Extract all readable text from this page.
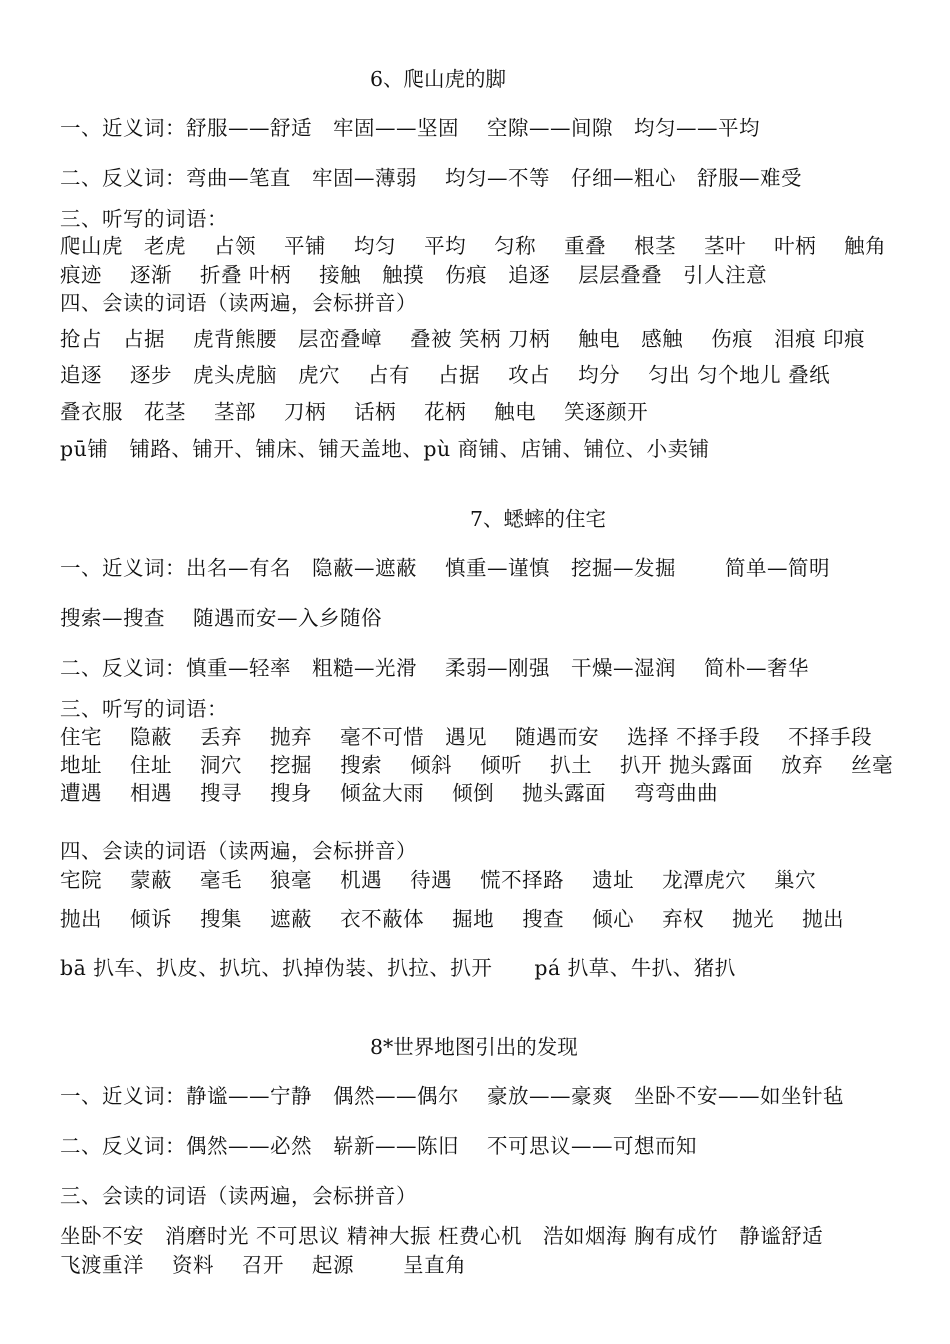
6、爬山虎的脚
一、近义词：舒服——舒适　牢固——坚固　 空隙——间隙　均匀——平均
二、反义词：弯曲—笔直　牢固—薄弱　 均匀—不等　仔细—粗心　舒服—难受
三、听写的词语：
爬山虎　老虎　 占领　 平铺　 均匀　 平均　 匀称　 重叠　 根茎　 茎叶　 叶柄　 触角
痕迹　 逐渐　 折叠 叶柄　 接触　触摸　伤痕　追逐　 层层叠叠　引人注意
四、会读的词语（读两遍，会标拼音）
抢占　占据　 虎背熊腰　层峦叠嶂　 叠被 笑柄 刀柄　 触电　感触　 伤痕　泪痕 印痕
追逐　 逐步　虎头虎脑　虎穴　 占有　 占据　 攻占　 均分　 匀出 匀个地儿 叠纸
叠衣服　花茎　 茎部　 刀柄　 话柄　 花柄　 触电　 笑逐颜开
pū铺　铺路、铺开、铺床、铺天盖地、pù 商铺、店铺、铺位、小卖铺
7、蟋蟀的住宅
一、近义词：出名—有名　隐蔽—遮蔽　 慎重—谨慎　挖掘—发掘　　 简单—简明
搜索—搜查　 随遇而安—入乡随俗
二、反义词：慎重—轻率　粗糙—光滑　 柔弱—刚强　干燥—湿润　 简朴—奢华
三、听写的词语：
住宅　 隐蔽　 丢弃　 抛弃　 毫不可惜　遇见　 随遇而安　 选择 不择手段　 不择手段
地址　 住址　 洞穴　 挖掘　 搜索　 倾斜　 倾听　 扒土　 扒开 抛头露面　 放弃　 丝毫
遭遇　 相遇　 搜寻　 搜身　 倾盆大雨　 倾倒　 抛头露面　 弯弯曲曲
四、会读的词语（读两遍，会标拼音）
宅院　 蒙蔽　 毫毛　 狼毫　 机遇　 待遇　 慌不择路　 遗址　 龙潭虎穴　 巢穴
抛出　 倾诉　 搜集　 遮蔽　 衣不蔽体　 掘地　 搜查　 倾心　 弃权　 抛光　 抛出
bā 扒车、扒皮、扒坑、扒掉伪装、扒拉、扒开　　pá 扒草、牛扒、猪扒
8*世界地图引出的发现
一、近义词：静谧——宁静　偶然——偶尔　 豪放——豪爽　坐卧不安——如坐针毡
二、反义词：偶然——必然　崭新——陈旧　 不可思议——可想而知
三、会读的词语（读两遍，会标拼音）
坐卧不安　消磨时光 不可思议 精神大振 枉费心机　浩如烟海 胸有成竹　静谧舒适
飞渡重洋　 资料　 召开　 起源　　 呈直角
